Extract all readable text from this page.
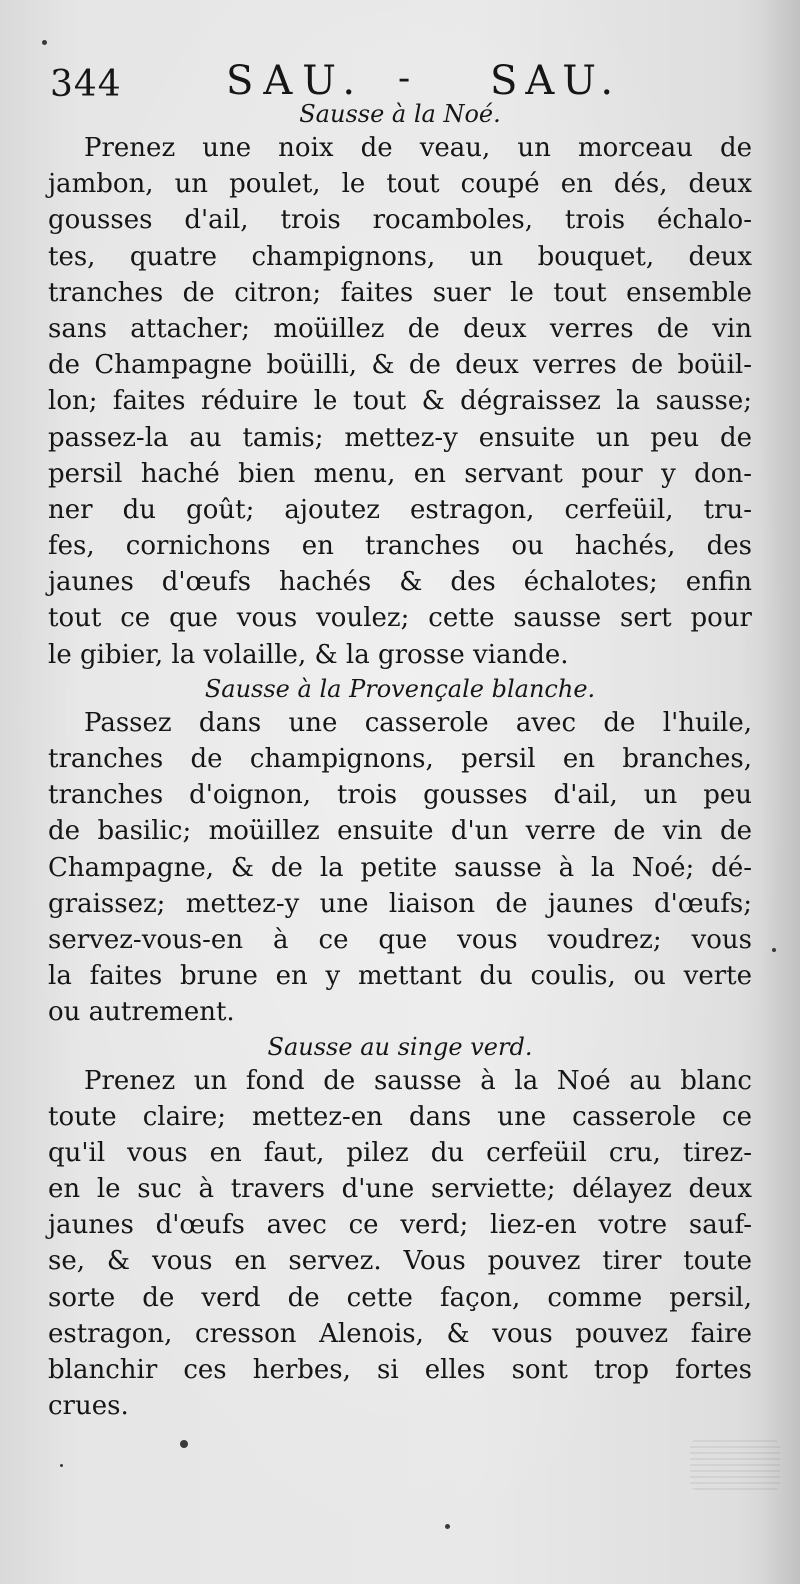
344	SAU. - SAU.
Sausse à la Noé.
Prenez une noix de veau, un morceau de
jambon, un poulet, le tout coupé en dés, deux
gousses d'ail, trois rocamboles, trois échalo-
tes, quatre champignons, un bouquet, deux
tranches de citron; faites suer le tout ensemble
sans attacher; moüillez de deux verres de vin
de Champagne boüilli, & de deux verres de boüil-
lon; faites réduire le tout & dégraissez la sausse;
passez-la au tamis; mettez-y ensuite un peu de
persil haché bien menu, en servant pour y don-
ner du goût; ajoutez estragon, cerfeüil, tru-
fes, cornichons en tranches ou hachés, des
jaunes d'œufs hachés & des échalotes; enfin
tout ce que vous voulez; cette sausse sert pour
le gibier, la volaille, & la grosse viande.
Sausse à la Provençale blanche.
Passez dans une casserole avec de l'huile,
tranches de champignons, persil en branches,
tranches d'oignon, trois gousses d'ail, un peu
de basilic; moüillez ensuite d'un verre de vin de
Champagne, & de la petite sausse à la Noé; dé-
graissez; mettez-y une liaison de jaunes d'œufs;
servez-vous-en à ce que vous voudrez; vous
la faites brune en y mettant du coulis, ou verte
ou autrement.
Sausse au singe verd.
Prenez un fond de sausse à la Noé au blanc
toute claire; mettez-en dans une casserole ce
qu'il vous en faut, pilez du cerfeüil cru, tirez-
en le suc à travers d'une serviette; délayez deux
jaunes d'œufs avec ce verd; liez-en votre sauf-
se, & vous en servez. Vous pouvez tirer toute
sorte de verd de cette façon, comme persil,
estragon, cresson Alenois, & vous pouvez faire
blanchir ces herbes, si elles sont trop fortes
crues.
